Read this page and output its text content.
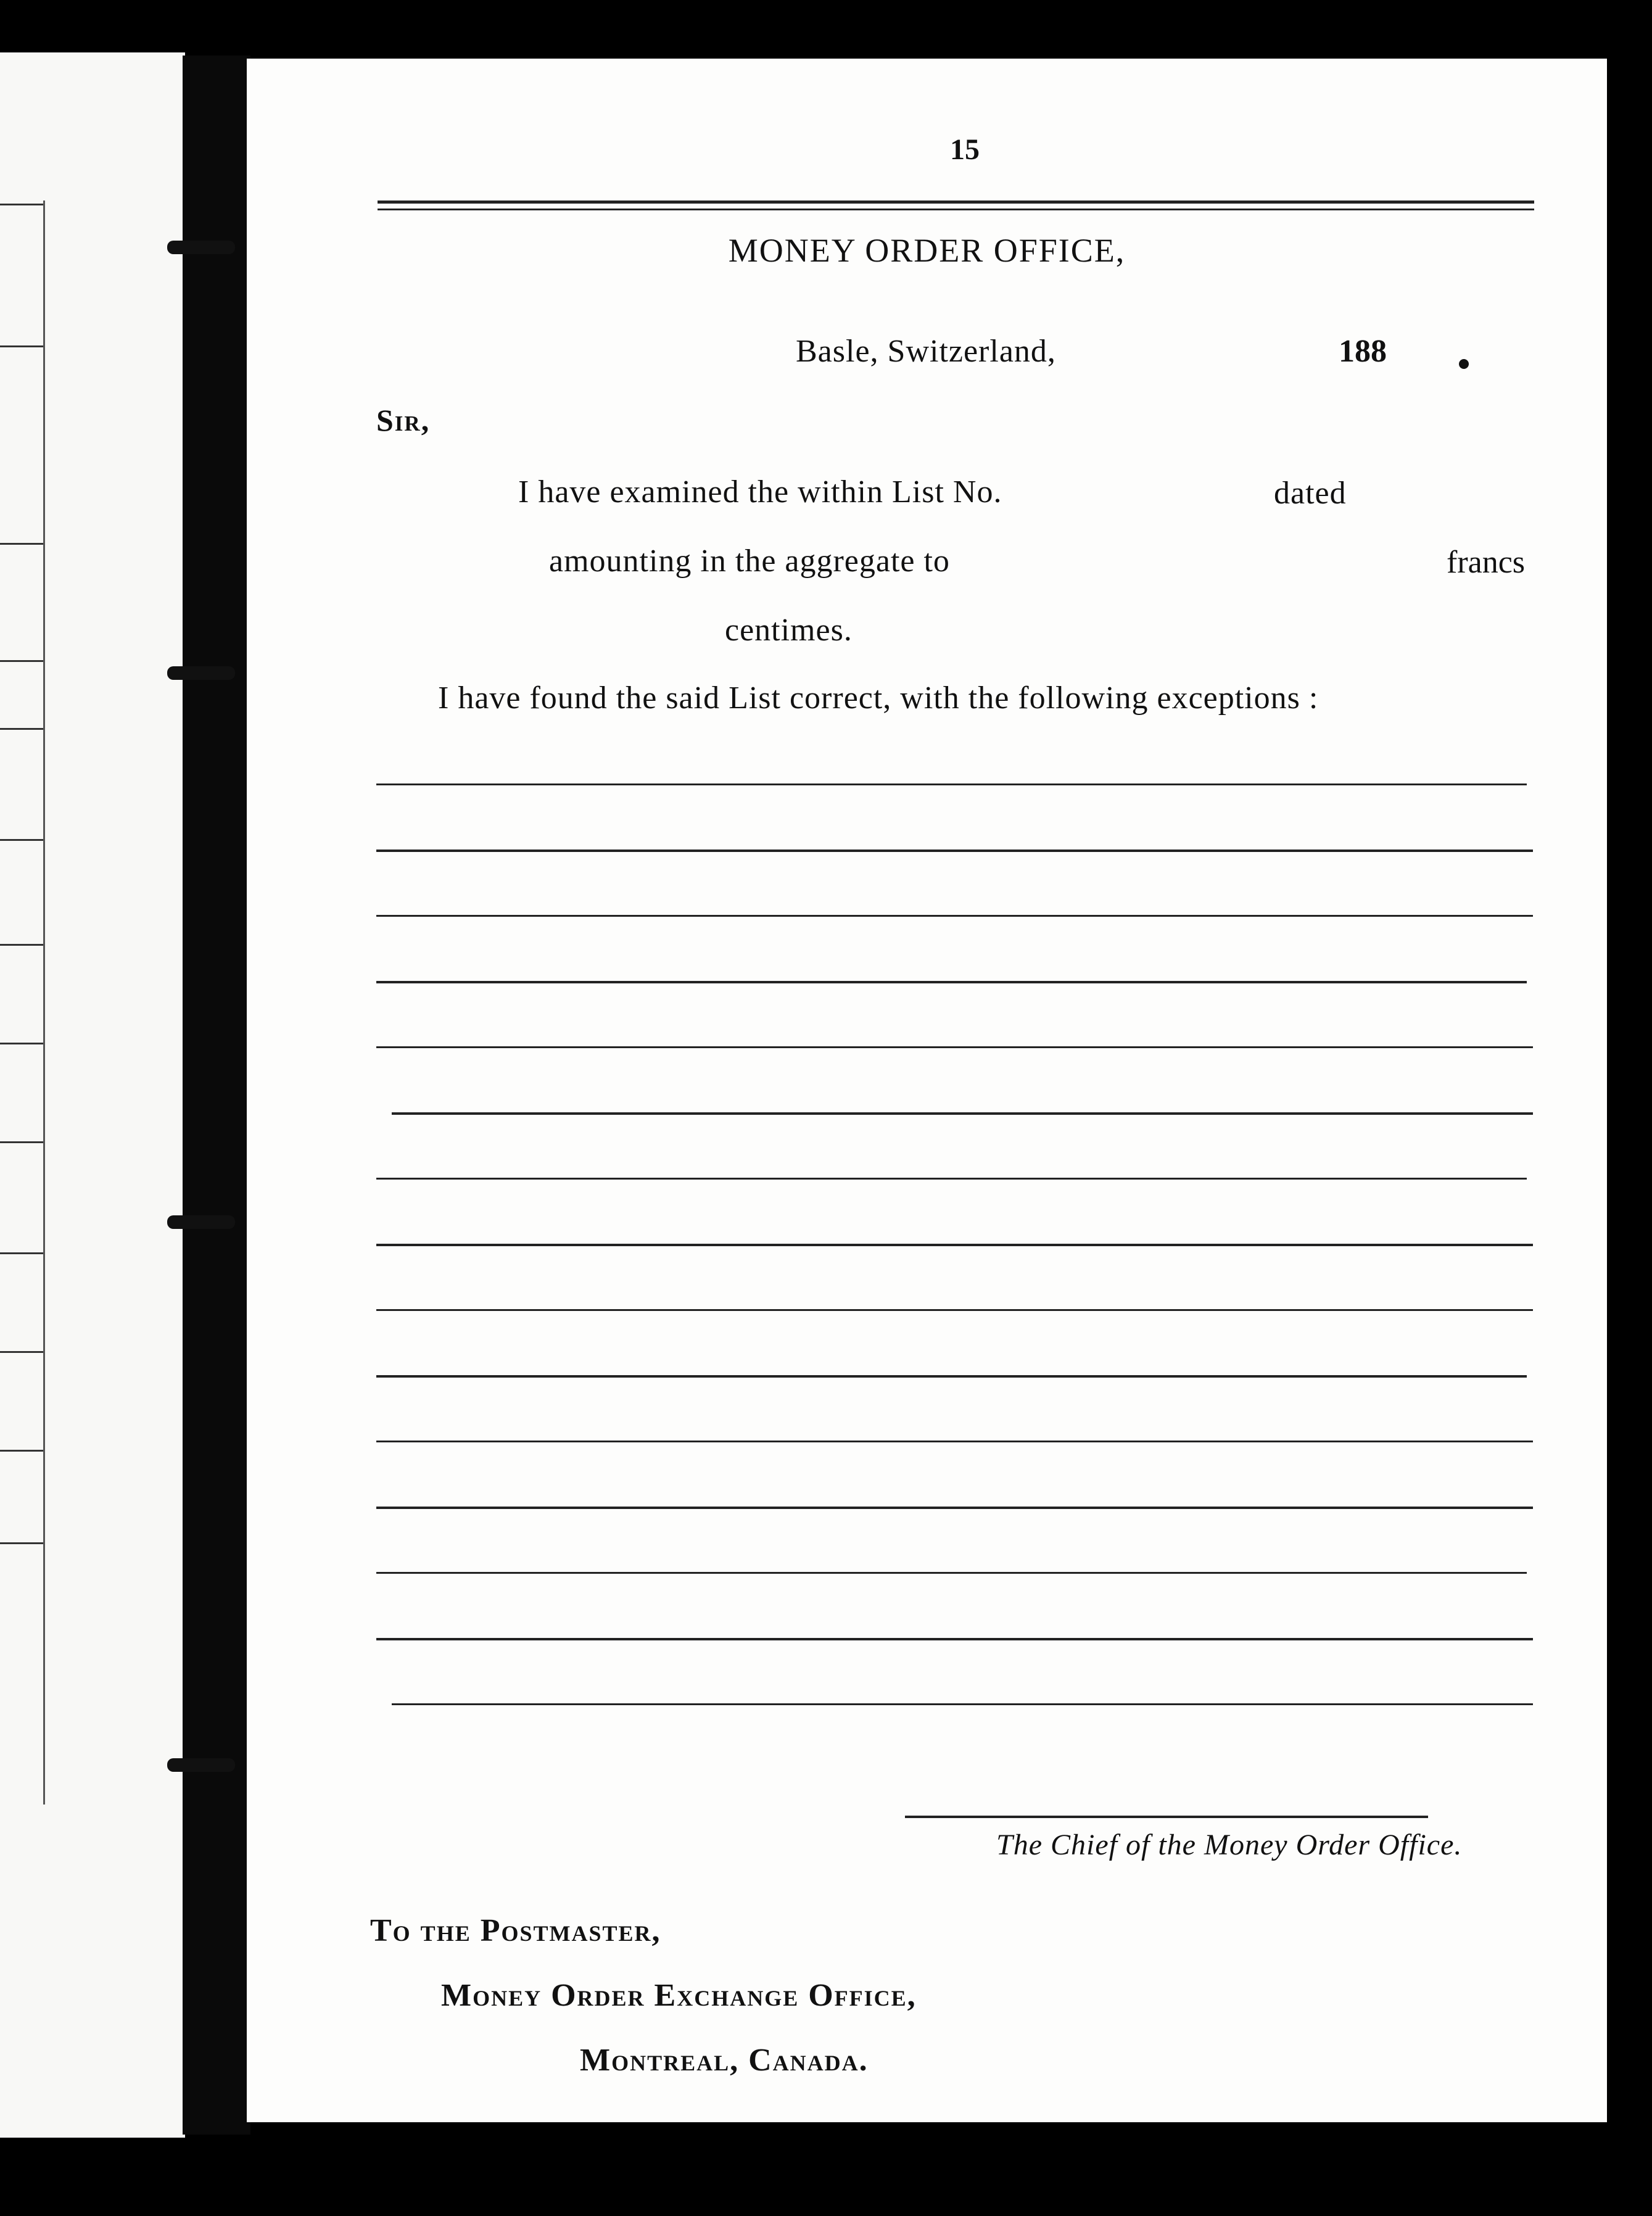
15
MONEY ORDER OFFICE,
Basle, Switzerland,	188
Sir,
I have examined the within List No.	dated
amounting in the aggregate to	francs
centimes.
I have found the said List correct, with the following exceptions :
The Chief of the Money Order Office.
To the Postmaster,
Money Order Exchange Office,
Montreal, Canada.
